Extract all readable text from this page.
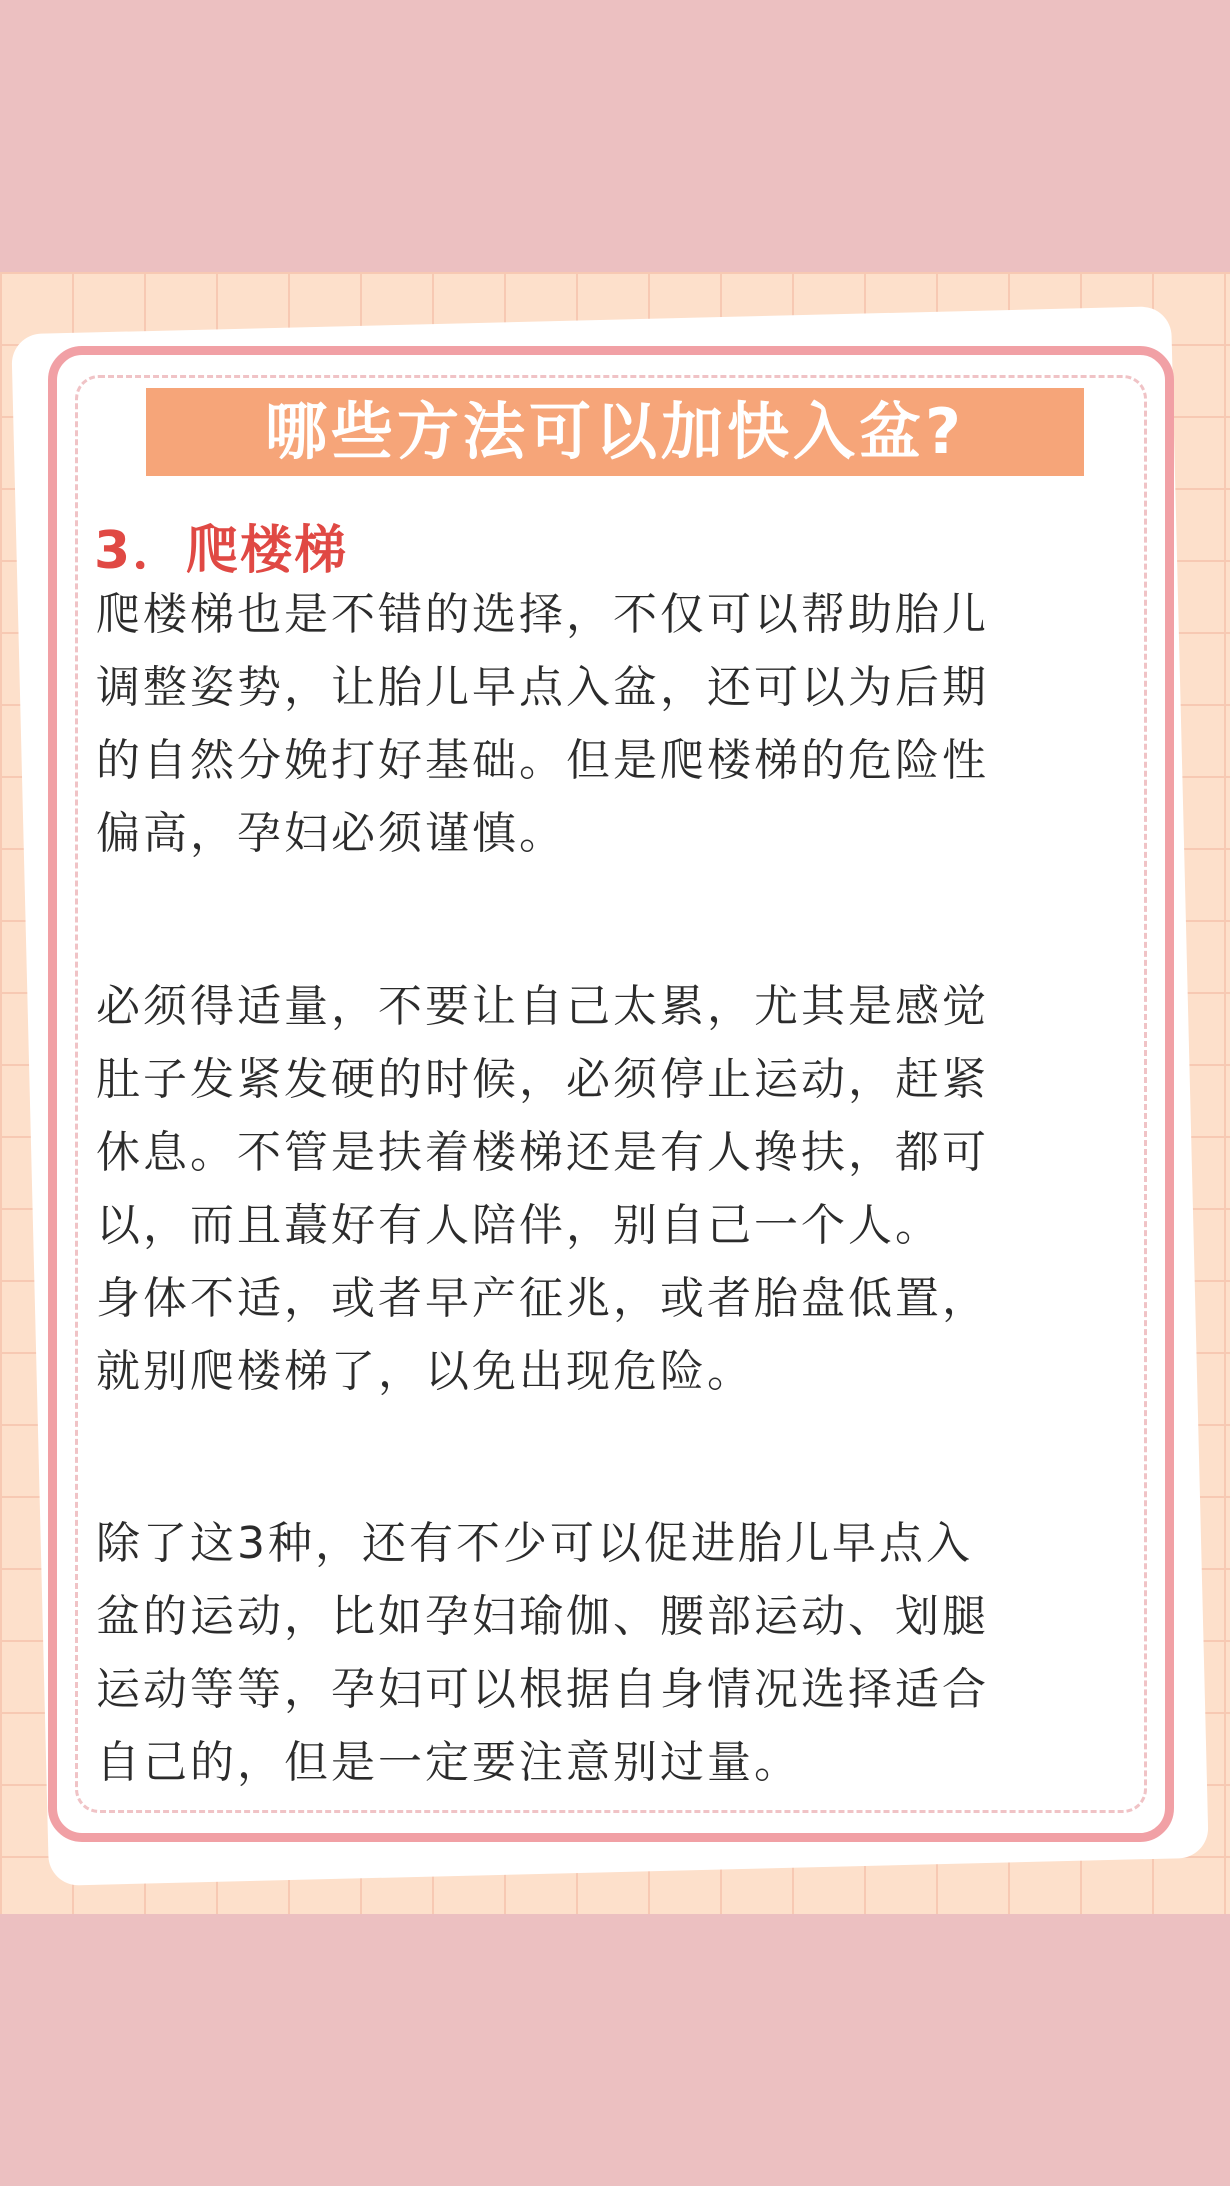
哪些方法可以加快入盆?
3．爬楼梯
爬楼梯也是不错的选择，不仅可以帮助胎儿
调整姿势，让胎儿早点入盆，还可以为后期
的自然分娩打好基础。但是爬楼梯的危险性
偏高，孕妇必须谨慎。
必须得适量，不要让自己太累，尤其是感觉
肚子发紧发硬的时候，必须停止运动，赶紧
休息。不管是扶着楼梯还是有人搀扶，都可
以，而且蕞好有人陪伴，别自己一个人。
身体不适，或者早产征兆，或者胎盘低置，
就别爬楼梯了，以免出现危险。
除了这3种，还有不少可以促进胎儿早点入
盆的运动，比如孕妇瑜伽、腰部运动、划腿
运动等等，孕妇可以根据自身情况选择适合
自己的，但是一定要注意别过量。
